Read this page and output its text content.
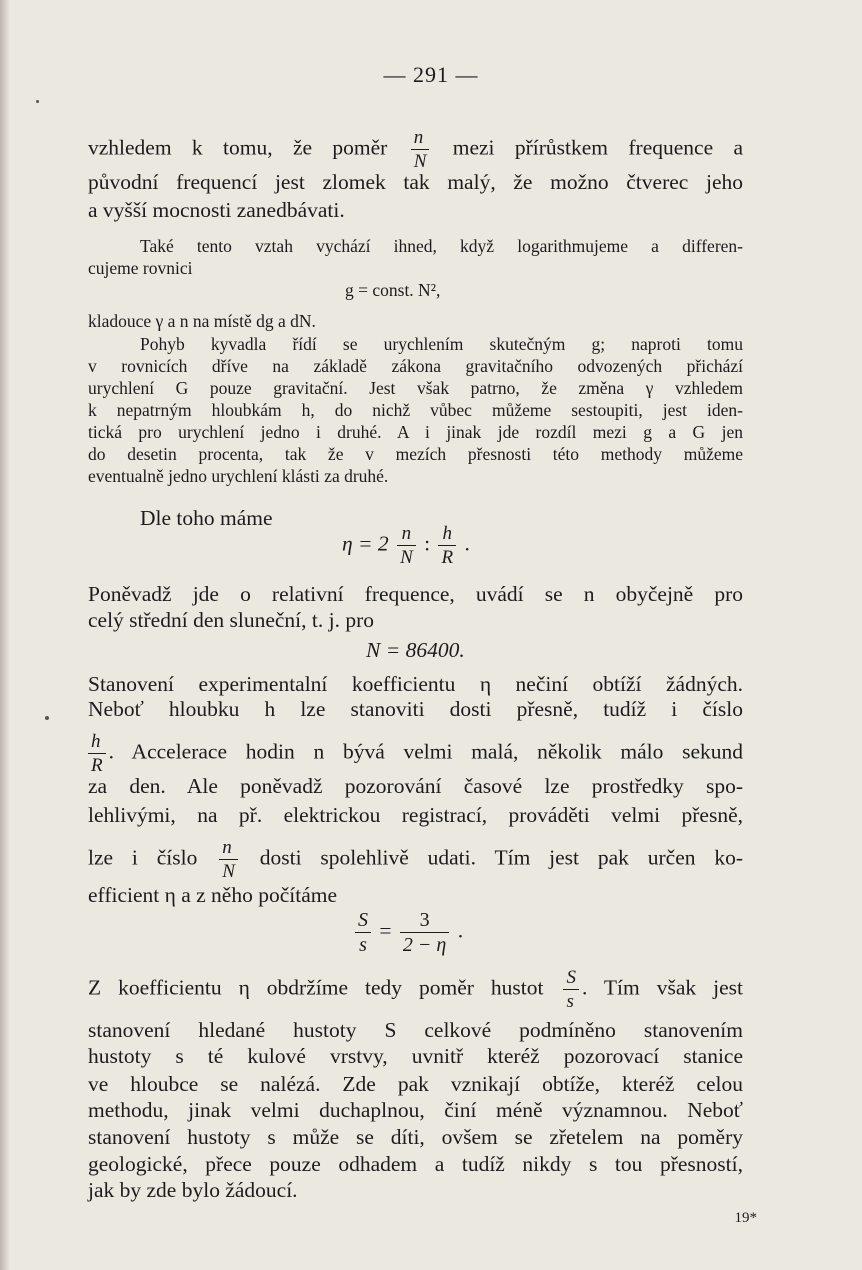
— 291 —
vzhledem k tomu, že poměr $\frac{n}{N}$ mezi přírůstkem frequence a
původní frequencí jest zlomek tak malý, že možno čtverec jeho
a vyšší mocnosti zanedbávati.
Také tento vztah vychází ihned, když logarithmujeme a differen-
cujeme rovnici
g = const. N²,
kladouce γ a n na místě dg a dN.
Pohyb kyvadla řídí se urychlením skutečným g; naproti tomu
v rovnicích dříve na základě zákona gravitačního odvozených přichází
urychlení G pouze gravitační. Jest však patrno, že změna γ vzhledem
k nepatrným hloubkám h, do nichž vůbec můžeme sestoupiti, jest iden-
tická pro urychlení jedno i druhé. A i jinak jde rozdíl mezi g a G jen
do desetin procenta, tak že v mezích přesnosti této methody můžeme
eventualně jedno urychlení klásti za druhé.
Dle toho máme
$\eta = 2 \frac{n}{N}$ : $\frac{h}{R}$ .
Poněvadž jde o relativní frequence, uvádí se n obyčejně pro
celý střední den sluneční, t. j. pro
N = 86400.
Stanovení experimentalní koefficientu η nečiní obtíží žádných.
Neboť hloubku h lze stanoviti dosti přesně, tudíž i číslo
$\frac{h}{R}$ . Accelerace hodin n bývá velmi malá, několik málo sekund
za den. Ale poněvadž pozorování časové lze prostředky spo-
lehlivými, na př. elektrickou registrací, prováděti velmi přesně,
lze i číslo $\frac{n}{N}$ dosti spolehlivě udati. Tím jest pak určen ko-
efficient η a z něho počítáme
$\frac{S}{s} = \frac{3}{2 - \eta}$ .
Z koefficientu η obdržíme tedy poměr hustot $\frac{S}{s}$ . Tím však jest
stanovení hledané hustoty S celkové podmíněno stanovením
hustoty s té kulové vrstvy, uvnitř kteréž pozorovací stanice
ve hloubce se nalézá. Zde pak vznikají obtíže, kteréž celou
methodu, jinak velmi duchaplnou, činí méně významnou. Neboť
stanovení hustoty s může se díti, ovšem se zřetelem na poměry
geologické, přece pouze odhadem a tudíž nikdy s tou přesností,
jak by zde bylo žádoucí.
19*
